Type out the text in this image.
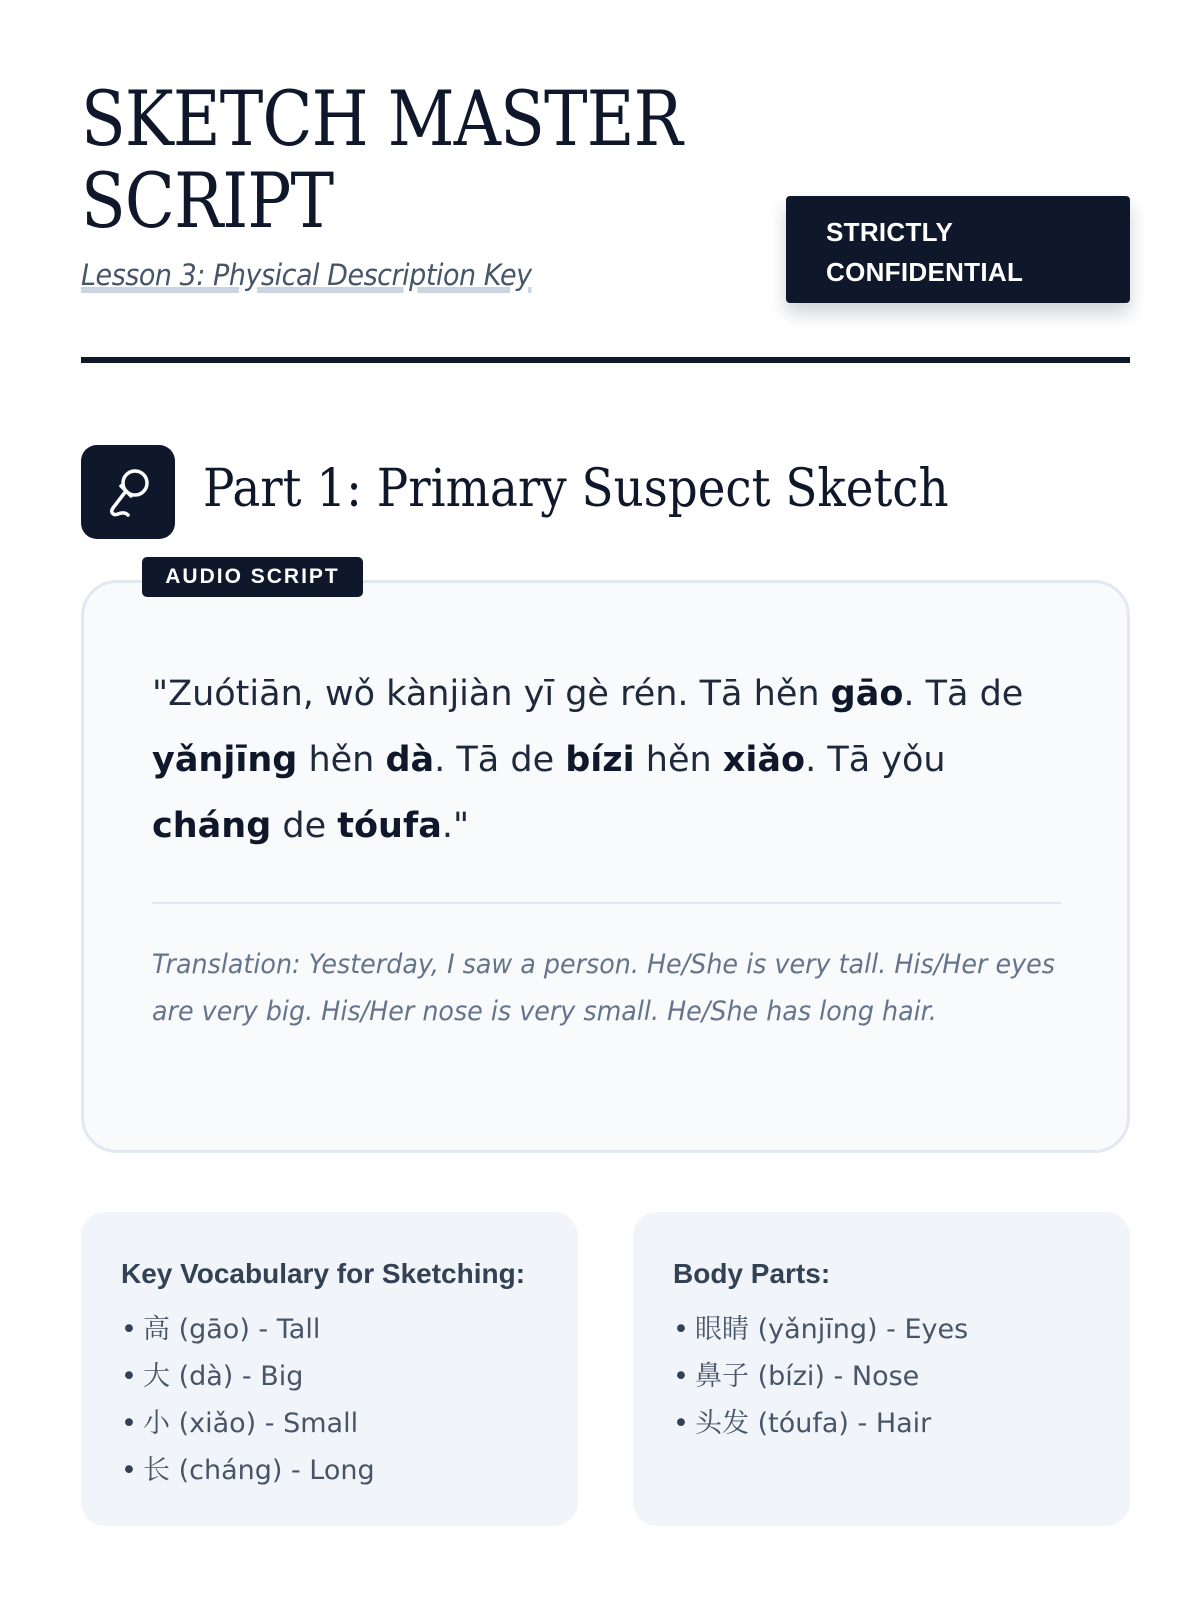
SKETCH MASTER
SCRIPT
Lesson 3: Physical Description Key
STRICTLY
CONFIDENTIAL
Part 1: Primary Suspect Sketch
AUDIO SCRIPT

"Zuótiān, wǒ kànjiàn yī gè rén. Tā hěn gāo. Tā de yǎnjīng hěn dà. Tā de bízi hěn xiǎo. Tā yǒu cháng de tóufa."

Translation: Yesterday, I saw a person. He/She is very tall. His/Her eyes are very big. His/Her nose is very small. He/She has long hair.

Key Vocabulary for Sketching:
• 高 (gāo) - Tall
• 大 (dà) - Big
• 小 (xiǎo) - Small
• 长 (cháng) - Long
Body Parts:
• 眼睛 (yǎnjīng) - Eyes
• 鼻子 (bízi) - Nose
• 头发 (tóufa) - Hair
